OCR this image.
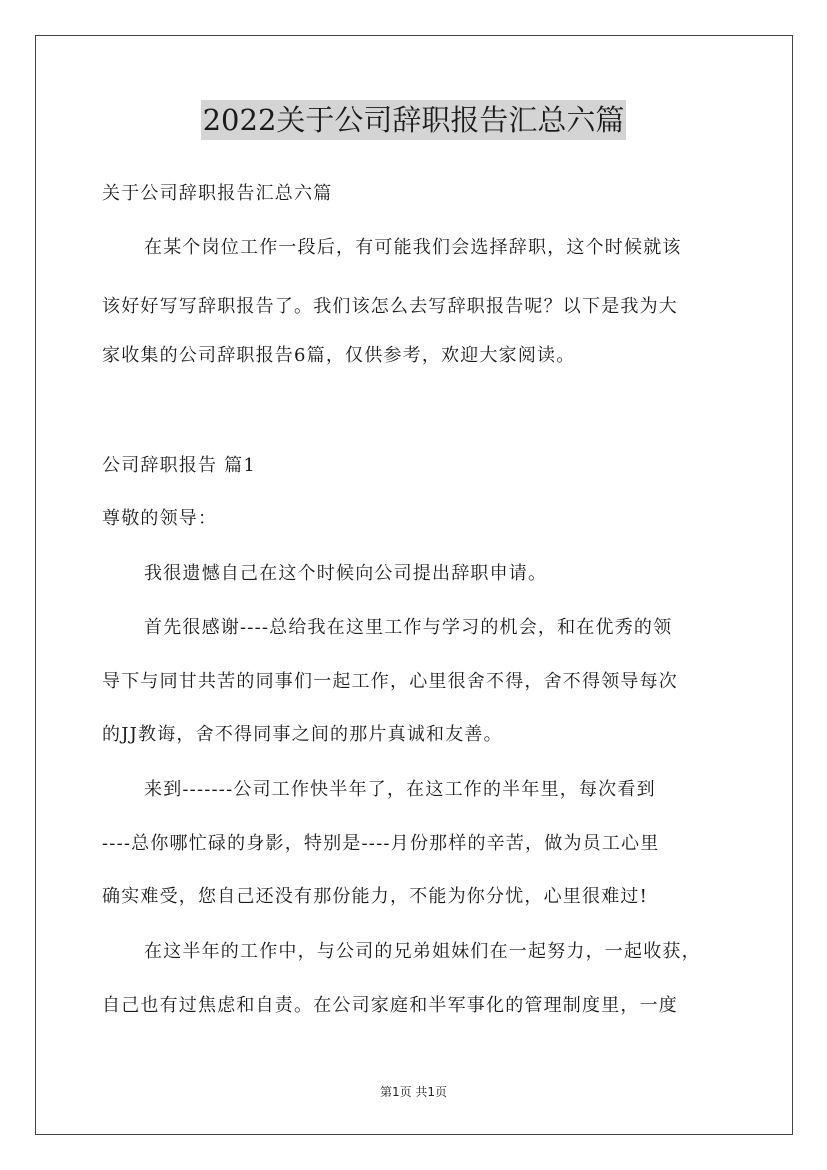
2022关于公司辞职报告汇总六篇
关于公司辞职报告汇总六篇
在某个岗位工作一段后，有可能我们会选择辞职，这个时候就该
该好好写写辞职报告了。我们该怎么去写辞职报告呢？以下是我为大
家收集的公司辞职报告6篇，仅供参考，欢迎大家阅读。
公司辞职报告 篇1
尊敬的领导：
我很遗憾自己在这个时候向公司提出辞职申请。
首先很感谢----总给我在这里工作与学习的机会，和在优秀的领
导下与同甘共苦的同事们一起工作，心里很舍不得，舍不得领导每次
的JJ教诲，舍不得同事之间的那片真诚和友善。
来到-------公司工作快半年了，在这工作的半年里，每次看到
----总你哪忙碌的身影，特别是----月份那样的辛苦，做为员工心里
确实难受，您自己还没有那份能力，不能为你分忧，心里很难过!
在这半年的工作中，与公司的兄弟姐妹们在一起努力，一起收获，
自己也有过焦虑和自责。在公司家庭和半军事化的管理制度里，一度
第1页 共1页
